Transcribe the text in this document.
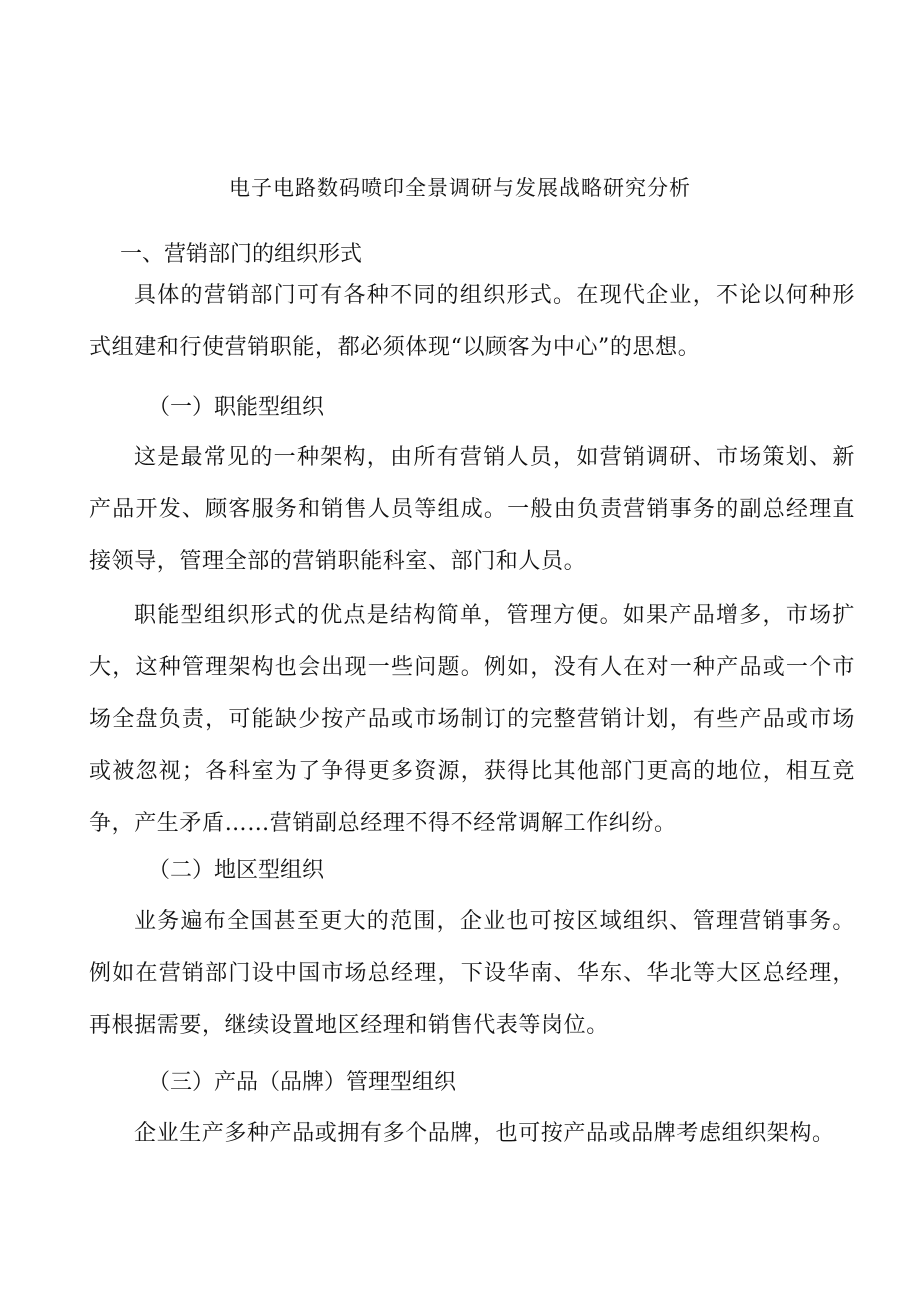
电子电路数码喷印全景调研与发展战略研究分析
一、营销部门的组织形式

具体的营销部门可有各种不同的组织形式。在现代企业，不论以何种形式组建和行使营销职能，都必须体现“以顾客为中心”的思想。

（一）职能型组织

这是最常见的一种架构，由所有营销人员，如营销调研、市场策划、新产品开发、顾客服务和销售人员等组成。一般由负责营销事务的副总经理直接领导，管理全部的营销职能科室、部门和人员。

职能型组织形式的优点是结构简单，管理方便。如果产品增多，市场扩大，这种管理架构也会出现一些问题。例如，没有人在对一种产品或一个市场全盘负责，可能缺少按产品或市场制订的完整营销计划，有些产品或市场或被忽视；各科室为了争得更多资源，获得比其他部门更高的地位，相互竞争，产生矛盾……营销副总经理不得不经常调解工作纠纷。

（二）地区型组织

业务遍布全国甚至更大的范围，企业也可按区域组织、管理营销事务。例如在营销部门设中国市场总经理，下设华南、华东、华北等大区总经理，再根据需要，继续设置地区经理和销售代表等岗位。

（三）产品（品牌）管理型组织

企业生产多种产品或拥有多个品牌，也可按产品或品牌考虑组织架构。
